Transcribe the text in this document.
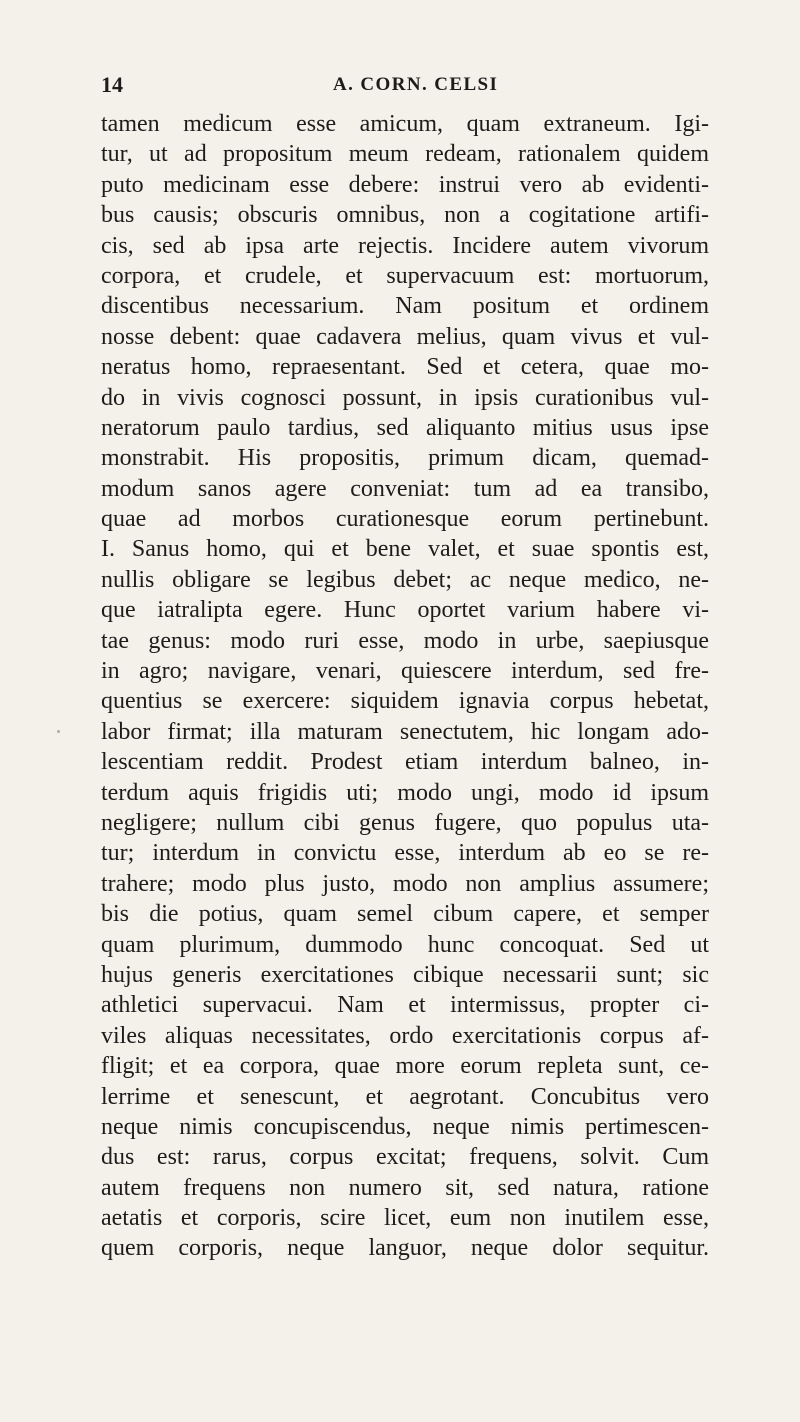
14	A. CORN. CELSI
tamen medicum esse amicum, quam extraneum. Igi-
tur, ut ad propositum meum redeam, rationalem quidem
puto medicinam esse debere: instrui vero ab evidenti-
bus causis; obscuris omnibus, non a cogitatione artifi-
cis, sed ab ipsa arte rejectis. Incidere autem vivorum
corpora, et crudele, et supervacuum est: mortuorum,
discentibus necessarium. Nam positum et ordinem
nosse debent: quae cadavera melius, quam vivus et vul-
neratus homo, repraesentant. Sed et cetera, quae mo-
do in vivis cognosci possunt, in ipsis curationibus vul-
neratorum paulo tardius, sed aliquanto mitius usus ipse
monstrabit. His propositis, primum dicam, quemad-
modum sanos agere conveniat: tum ad ea transibo,
quae ad morbos curationesque eorum pertinebunt.
I. Sanus homo, qui et bene valet, et suae spontis est,
nullis obligare se legibus debet; ac neque medico, ne-
que iatralipta egere. Hunc oportet varium habere vi-
tae genus: modo ruri esse, modo in urbe, saepiusque
in agro; navigare, venari, quiescere interdum, sed fre-
quentius se exercere: siquidem ignavia corpus hebetat,
labor firmat; illa maturam senectutem, hic longam ado-
lescentiam reddit. Prodest etiam interdum balneo, in-
terdum aquis frigidis uti; modo ungi, modo id ipsum
negligere; nullum cibi genus fugere, quo populus uta-
tur; interdum in convictu esse, interdum ab eo se re-
trahere; modo plus justo, modo non amplius assumere;
bis die potius, quam semel cibum capere, et semper
quam plurimum, dummodo hunc concoquat. Sed ut
hujus generis exercitationes cibique necessarii sunt; sic
athletici supervacui. Nam et intermissus, propter ci-
viles aliquas necessitates, ordo exercitationis corpus af-
fligit; et ea corpora, quae more eorum repleta sunt, ce-
lerrime et senescunt, et aegrotant. Concubitus vero
neque nimis concupiscendus, neque nimis pertimescen-
dus est: rarus, corpus excitat; frequens, solvit. Cum
autem frequens non numero sit, sed natura, ratione
aetatis et corporis, scire licet, eum non inutilem esse,
quem corporis, neque languor, neque dolor sequitur.
